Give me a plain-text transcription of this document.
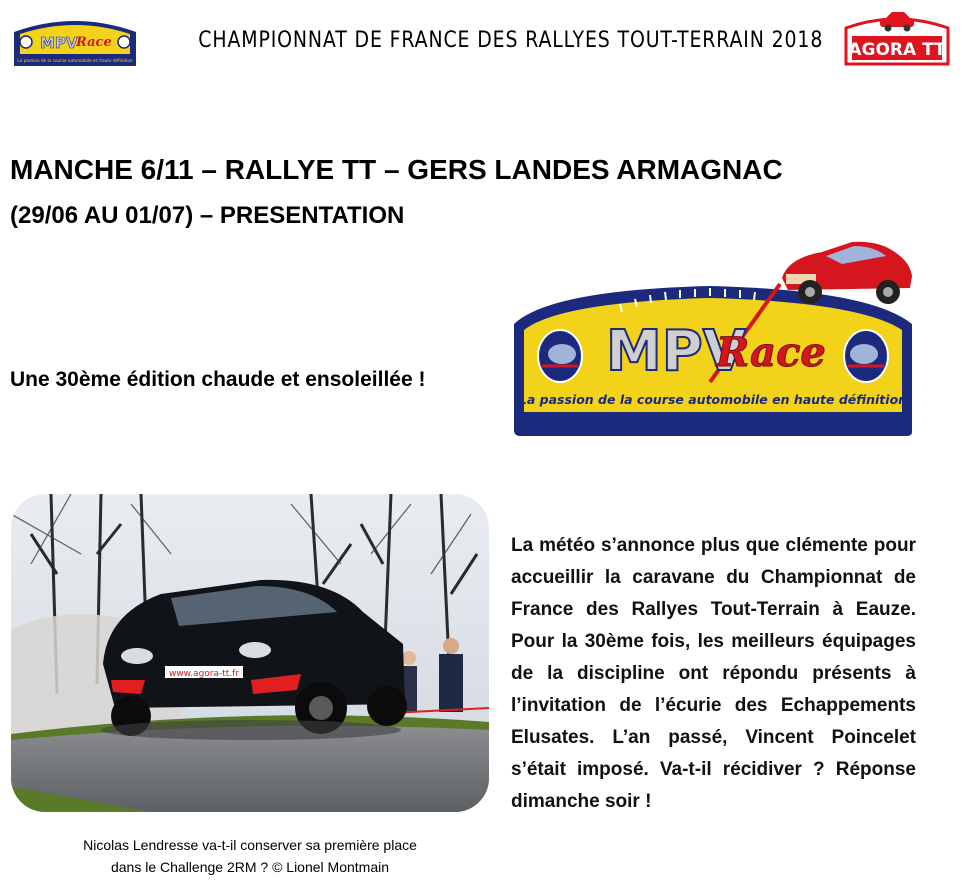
MPV
Race
La passion de la course automobile en haute définition
CHAMPIONNAT DE FRANCE DES RALLYES TOUT-TERRAIN 2018 AGORA TT
MANCHE 6/11 – RALLYE TT – GERS LANDES ARMAGNAC
(29/06 AU 01/07) – PRESENTATION
Une 30ème édition chaude et ensoleillée !	MPV
Race
La passion de la course automobile en haute définition
www.agora-tt.fr
Nicolas Lendresse va-t-il conserver sa première place
dans le Challenge 2RM ? © Lionel Montmain
La météo s’annonce plus que clémente pour accueillir la caravane du Championnat de France des Rallyes Tout-Terrain à Eauze. Pour la 30ème fois, les meilleurs équipages de la discipline ont répondu présents à l’invitation de l’écurie des Echappements Elusates. L’an passé, Vincent Poincelet s’était imposé. Va-t-il récidiver ? Réponse dimanche soir !
